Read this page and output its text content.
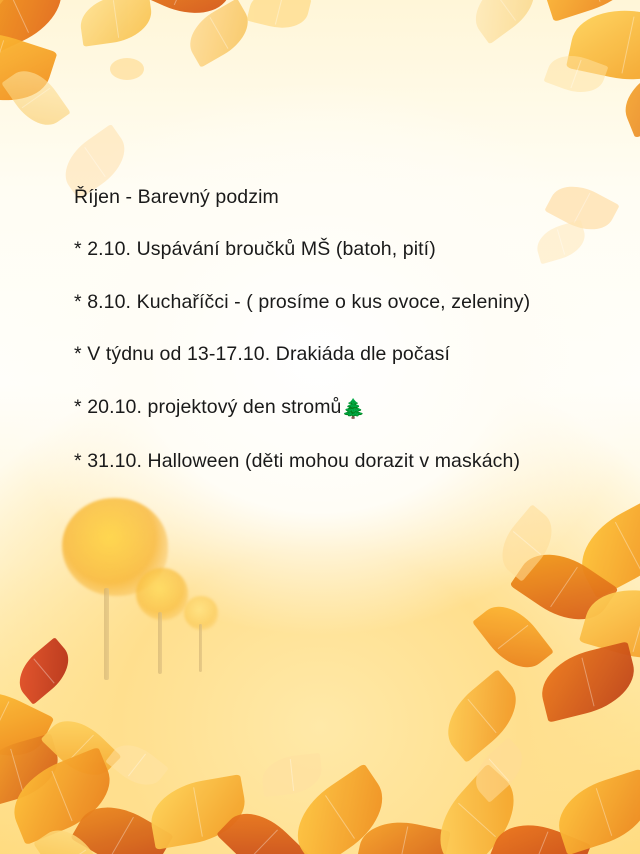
Říjen - Barevný podzim
* 2.10. Uspávání broučků MŠ (batoh, pití)
* 8.10. Kuchaříčci - ( prosíme o kus ovoce, zeleniny)
* V týdnu od 13-17.10. Drakiáda dle počasí
* 20.10. projektový den stromů🌲
* 31.10. Halloween (děti mohou dorazit v maskách)
